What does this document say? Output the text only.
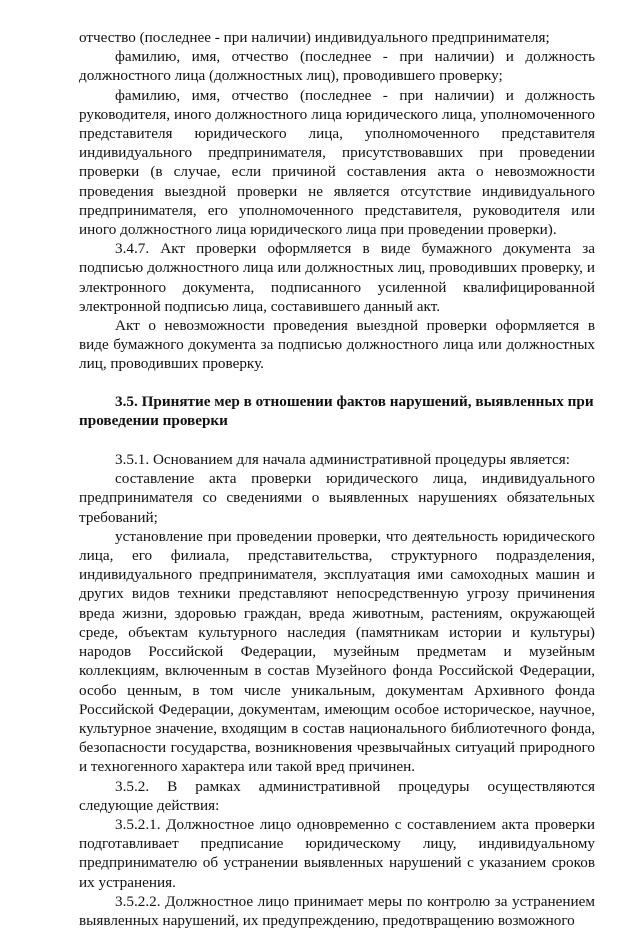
отчество (последнее - при наличии) индивидуального предпринимателя;

фамилию, имя, отчество (последнее - при наличии) и должность должностного лица (должностных лиц), проводившего проверку;

фамилию, имя, отчество (последнее - при наличии) и должность руководителя, иного должностного лица юридического лица, уполномоченного представителя юридического лица, уполномоченного представителя индивидуального предпринимателя, присутствовавших при проведении проверки (в случае, если причиной составления акта о невозможности проведения выездной проверки не является отсутствие индивидуального предпринимателя, его уполномоченного представителя, руководителя или иного должностного лица юридического лица при проведении проверки).

3.4.7. Акт проверки оформляется в виде бумажного документа за подписью должностного лица или должностных лиц, проводивших проверку, и электронного документа, подписанного усиленной квалифицированной электронной подписью лица, составившего данный акт.

Акт о невозможности проведения выездной проверки оформляется в виде бумажного документа за подписью должностного лица или должностных лиц, проводивших проверку.

3.5. Принятие мер в отношении фактов нарушений, выявленных при проведении проверки

3.5.1. Основанием для начала административной процедуры является:

составление акта проверки юридического лица, индивидуального предпринимателя со сведениями о выявленных нарушениях обязательных требований;

установление при проведении проверки, что деятельность юридического лица, его филиала, представительства, структурного подразделения, индивидуального предпринимателя, эксплуатация ими самоходных машин и других видов техники представляют непосредственную угрозу причинения вреда жизни, здоровью граждан, вреда животным, растениям, окружающей среде, объектам культурного наследия (памятникам истории и культуры) народов Российской Федерации, музейным предметам и музейным коллекциям, включенным в состав Музейного фонда Российской Федерации, особо ценным, в том числе уникальным, документам Архивного фонда Российской Федерации, документам, имеющим особое историческое, научное, культурное значение, входящим в состав национального библиотечного фонда, безопасности государства, возникновения чрезвычайных ситуаций природного и техногенного характера или такой вред причинен.

3.5.2. В рамках административной процедуры осуществляются следующие действия:

3.5.2.1. Должностное лицо одновременно с составлением акта проверки подготавливает предписание юридическому лицу, индивидуальному предпринимателю об устранении выявленных нарушений с указанием сроков их устранения.

3.5.2.2. Должностное лицо принимает меры по контролю за устранением выявленных нарушений, их предупреждению, предотвращению возможного
